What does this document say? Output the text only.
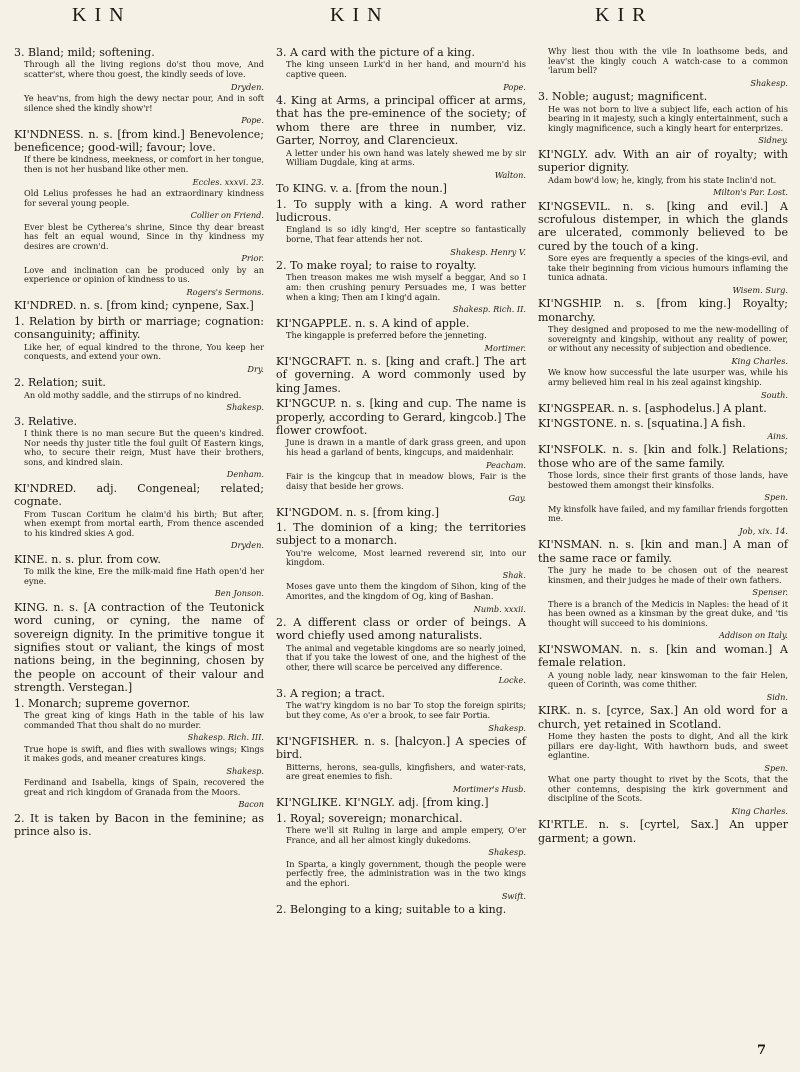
KIN	KIN	KIR
3. Bland; mild; softening.
Through all the living regions do'st thou move, And scatter'st, where thou goest, the kindly seeds of love.
Dryden.
Ye heav'ns, from high the dewy nectar pour, And in soft silence shed the kindly show'r!
Pope.
KI'NDNESS. n. s. [from kind.] Benevolence; beneficence; good-will; favour; love.
If there be kindness, meekness, or comfort in her tongue, then is not her husband like other men.
Eccles. xxxvi. 23.
Old Lelius professes he had an extraordinary kindness for several young people.
Collier on Friend.
Ever blest be Cytherea's shrine, Since thy dear breast has felt an equal wound, Since in thy kindness my desires are crown'd.
Prior.
Love and inclination can be produced only by an experience or opinion of kindness to us.
Rogers's Sermons.
KI'NDRED. n. s. [from kind; cynpene, Sax.]
1. Relation by birth or marriage; cognation: consanguinity; affinity.
Like her, of equal kindred to the throne, You keep her conquests, and extend your own.
Dry.
2. Relation; suit.
An old mothy saddle, and the stirrups of no kindred.
Shakesp.
3. Relative.
I think there is no man secure But the queen's kindred. Nor needs thy juster title the foul guilt Of Eastern kings, who, to secure their reign, Must have their brothers, sons, and kindred slain.
Denham.
KI'NDRED. adj. Congeneal; related; cognate.
From Tuscan Coritum he claim'd his birth; But after, when exempt from mortal earth, From thence ascended to his kindred skies A god.
Dryden.
KINE. n. s. plur. from cow.
To milk the kine, Ere the milk-maid fine Hath open'd her eyne.
Ben Jonson.
KING. n. s. [A contraction of the Teutonick word cuning, or cyning, the name of sovereign dignity. In the primitive tongue it signifies stout or valiant, the kings of most nations being, in the beginning, chosen by the people on account of their valour and strength. Verstegan.]
1. Monarch; supreme governor.
The great king of kings Hath in the table of his law commanded That thou shalt do no murder.
Shakesp. Rich. III.
True hope is swift, and flies with swallows wings; Kings it makes gods, and meaner creatures kings.
Shakesp.
Ferdinand and Isabella, kings of Spain, recovered the great and rich kingdom of Granada from the Moors.
Bacon
2. It is taken by Bacon in the feminine; as prince also is.
3. A card with the picture of a king.
The king unseen Lurk'd in her hand, and mourn'd his captive queen.
Pope.
4. King at Arms, a principal officer at arms, that has the pre-eminence of the society; of whom there are three in number, viz. Garter, Norroy, and Clarencieux.
A letter under his own hand was lately shewed me by sir William Dugdale, king at arms.
Walton.
To KING. v. a. [from the noun.]
1. To supply with a king. A word rather ludicrous.
England is so idly king'd, Her sceptre so fantastically borne, That fear attends her not.
Shakesp. Henry V.
2. To make royal; to raise to royalty.
Then treason makes me wish myself a beggar, And so I am: then crushing penury Persuades me, I was better when a king; Then am I king'd again.
Shakesp. Rich. II.
KI'NGAPPLE. n. s. A kind of apple.
The kingapple is preferred before the jenneting.
Mortimer.
KI'NGCRAFT. n. s. [king and craft.] The art of governing. A word commonly used by king James.
KI'NGCUP. n. s. [king and cup. The name is properly, according to Gerard, kingcob.] The flower crowfoot.
June is drawn in a mantle of dark grass green, and upon his head a garland of bents, kingcups, and maidenhair.
Peacham.
Fair is the kingcup that in meadow blows, Fair is the daisy that beside her grows.
Gay.
KI'NGDOM. n. s. [from king.]
1. The dominion of a king; the territories subject to a monarch.
You're welcome, Most learned reverend sir, into our kingdom.
Shak.
Moses gave unto them the kingdom of Sihon, king of the Amorites, and the kingdom of Og, king of Bashan.
Numb. xxxii.
2. A different class or order of beings. A word chiefly used among naturalists.
The animal and vegetable kingdoms are so nearly joined, that if you take the lowest of one, and the highest of the other, there will scarce be perceived any difference.
Locke.
3. A region; a tract.
The wat'ry kingdom is no bar To stop the foreign spirits; but they come, As o'er a brook, to see fair Portia.
Shakesp.
KI'NGFISHER. n. s. [halcyon.] A species of bird.
Bitterns, herons, sea-gulls, kingfishers, and water-rats, are great enemies to fish.
Mortimer's Husb.
KI'NGLIKE. KI'NGLY. adj. [from king.]
1. Royal; sovereign; monarchical.
There we'll sit Ruling in large and ample empery, O'er France, and all her almost kingly dukedoms.
Shakesp.
In Sparta, a kingly government, though the people were perfectly free, the administration was in the two kings and the ephori.
Swift.
2. Belonging to a king; suitable to a king.
Why liest thou with the vile In loathsome beds, and leav'st the kingly couch A watch-case to a common 'larum bell?
Shakesp.
3. Noble; august; magnificent.
He was not born to live a subject life, each action of his bearing in it majesty, such a kingly entertainment, such a kingly magnificence, such a kingly heart for enterprizes.
Sidney.
KI'NGLY. adv. With an air of royalty; with superior dignity.
Adam bow'd low; he, kingly, from his state Inclin'd not.
Milton's Par. Lost.
KI'NGSEVIL. n. s. [king and evil.] A scrofulous distemper, in which the glands are ulcerated, commonly believed to be cured by the touch of a king.
Sore eyes are frequently a species of the kings-evil, and take their beginning from vicious humours inflaming the tunica adnata.
Wisem. Surg.
KI'NGSHIP. n. s. [from king.] Royalty; monarchy.
They designed and proposed to me the new-modelling of sovereignty and kingship, without any reality of power, or without any necessity of subjection and obedience.
King Charles.
We know how successful the late usurper was, while his army believed him real in his zeal against kingship.
South.
KI'NGSPEAR. n. s. [asphodelus.] A plant.
KI'NGSTONE. n. s. [squatina.] A fish.
Ains.
KI'NSFOLK. n. s. [kin and folk.] Relations; those who are of the same family.
Those lords, since their first grants of those lands, have bestowed them amongst their kinsfolks.
Spen.
My kinsfolk have failed, and my familiar friends forgotten me.
Job, xix. 14.
KI'NSMAN. n. s. [kin and man.] A man of the same race or family.
The jury he made to be chosen out of the nearest kinsmen, and their judges he made of their own fathers.
Spenser.
There is a branch of the Medicis in Naples: the head of it has been owned as a kinsman by the great duke, and 'tis thought will succeed to his dominions.
Addison on Italy.
KI'NSWOMAN. n. s. [kin and woman.] A female relation.
A young noble lady, near kinswoman to the fair Helen, queen of Corinth, was come thither.
Sidn.
KIRK. n. s. [cyrce, Sax.] An old word for a church, yet retained in Scotland.
Home they hasten the posts to dight, And all the kirk pillars ere day-light, With hawthorn buds, and sweet eglantine.
Spen.
What one party thought to rivet by the Scots, that the other contemns, despising the kirk government and discipline of the Scots.
King Charles.
KI'RTLE. n. s. [cyrtel, Sax.] An upper garment; a gown.
7
